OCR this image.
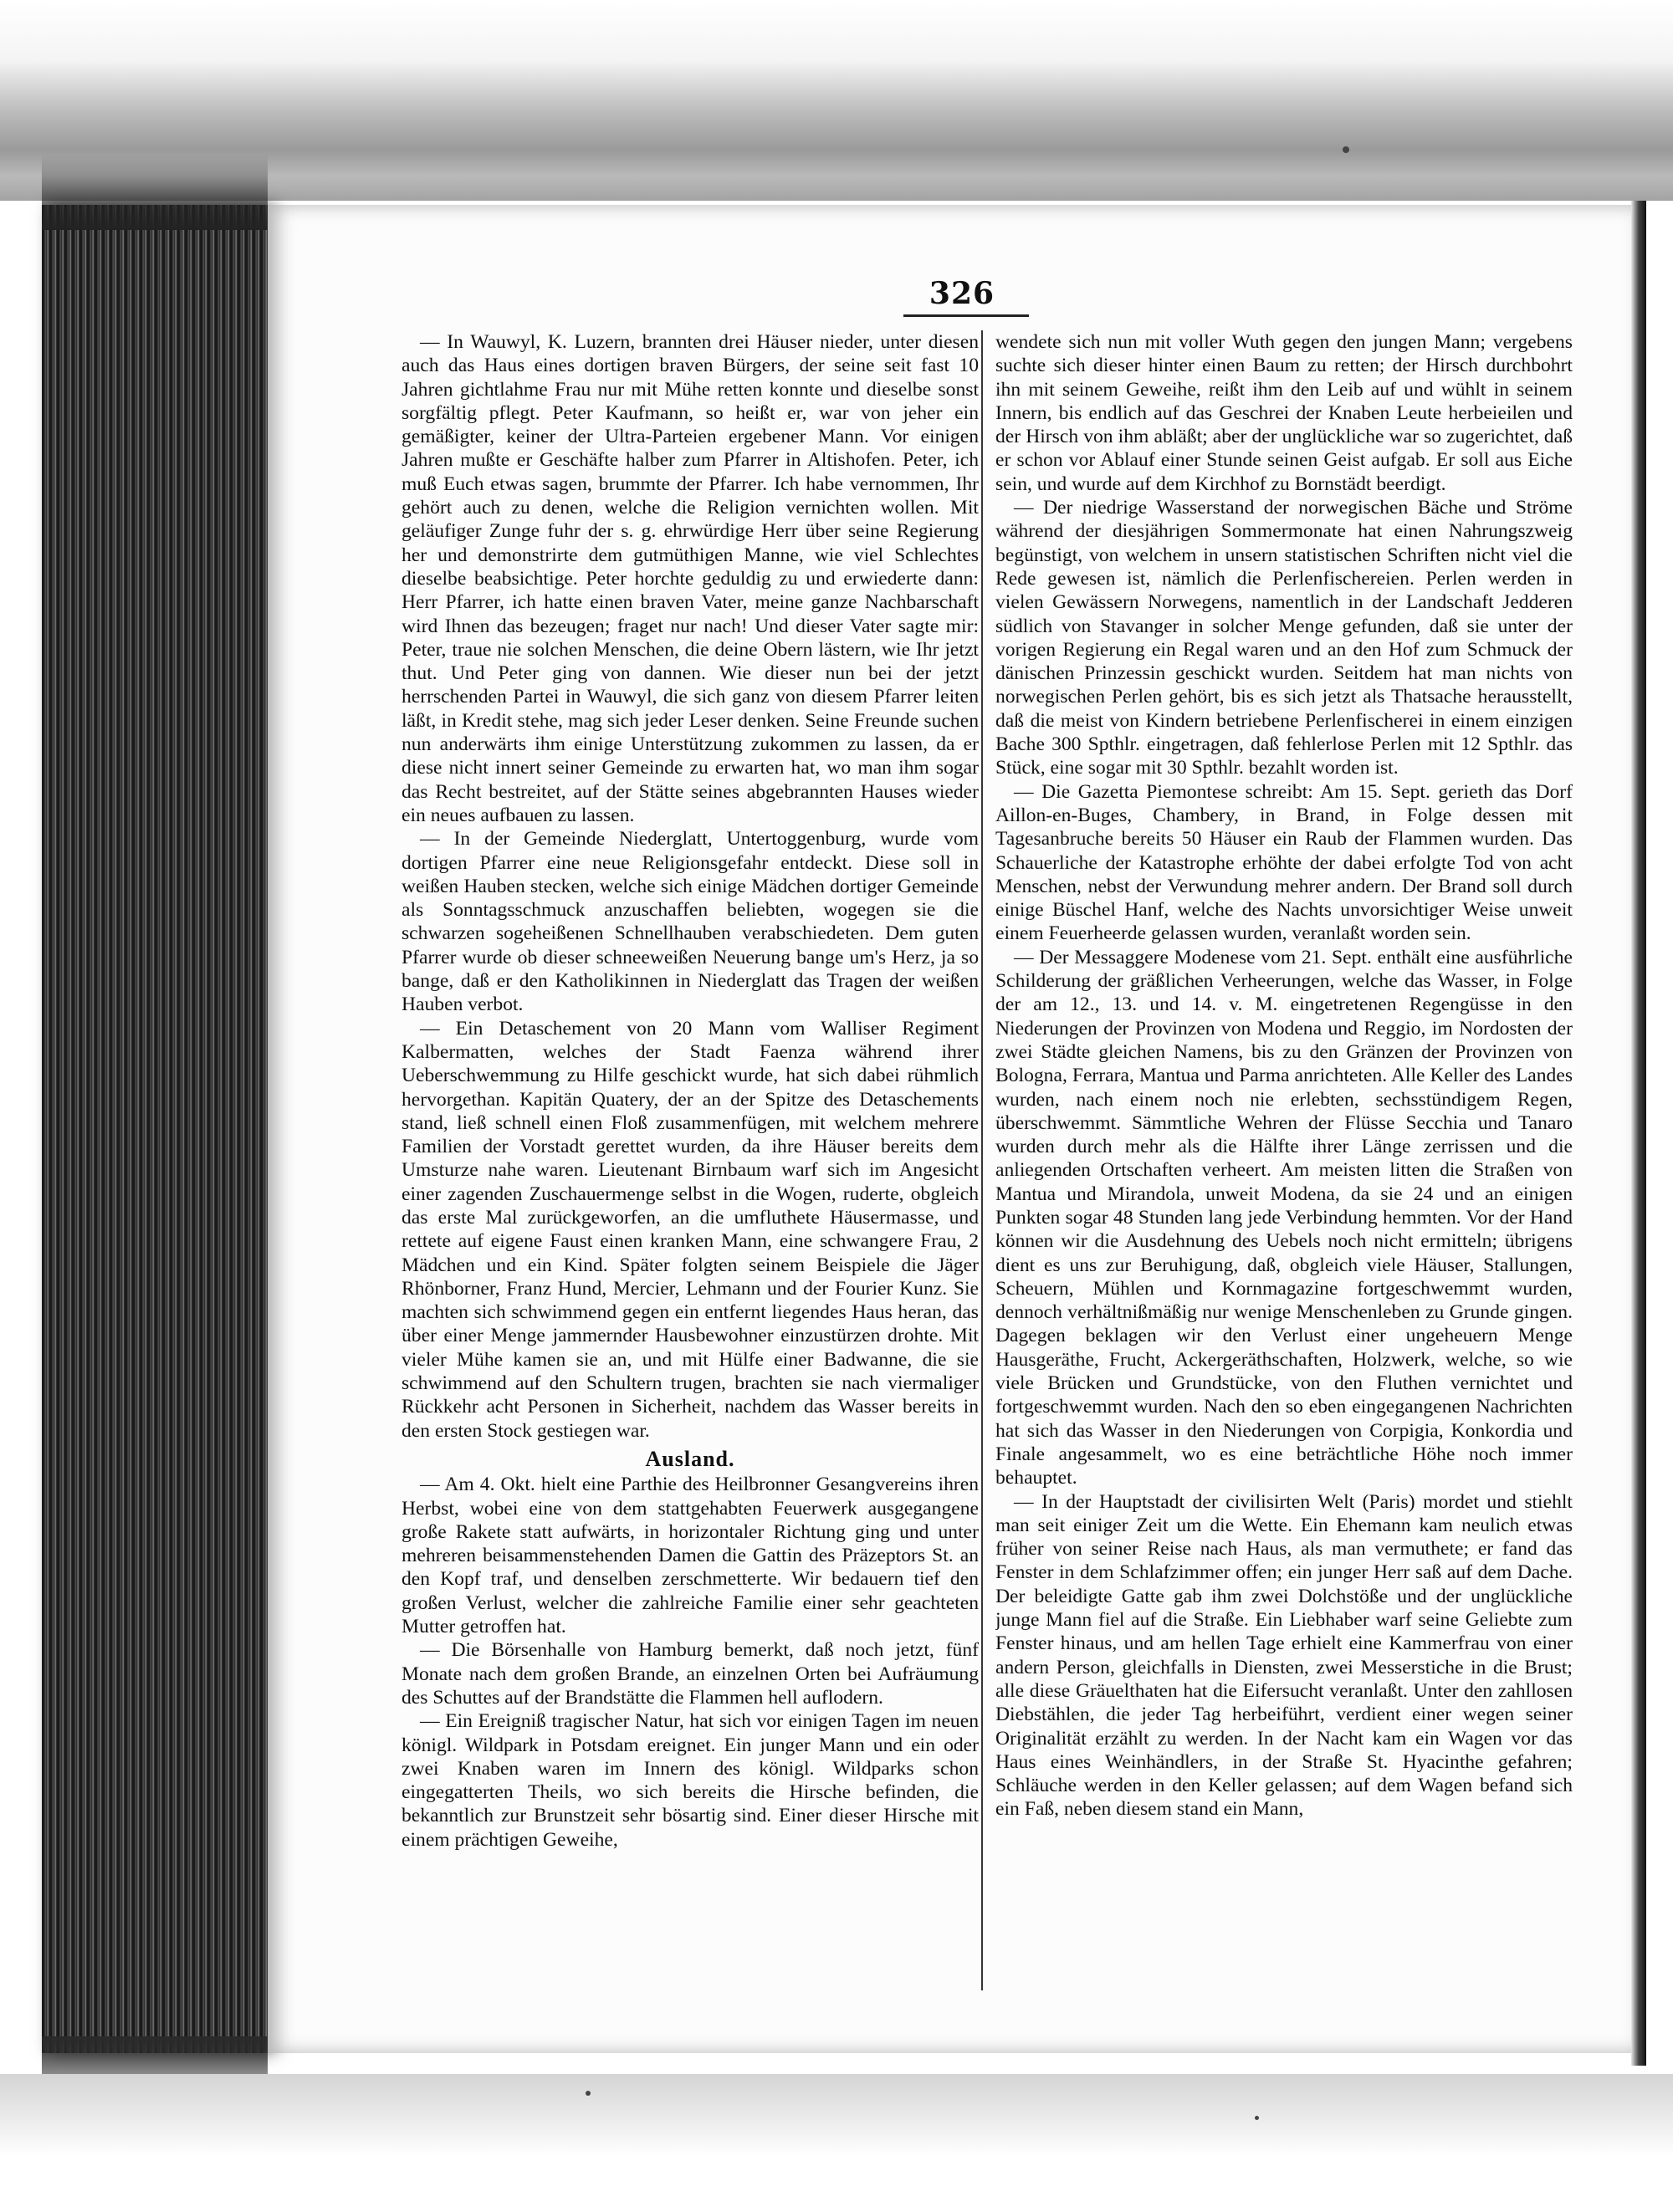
326

— In Wauwyl, K. Luzern, brannten drei Häuser nieder, unter diesen auch das Haus eines dortigen braven Bürgers, der seine seit fast 10 Jahren gichtlahme Frau nur mit Mühe retten konnte und dieselbe sonst sorgfältig pflegt. Peter Kaufmann, so heißt er, war von jeher ein gemäßigter, keiner der Ultra-Parteien ergebener Mann. Vor einigen Jahren mußte er Geschäfte halber zum Pfarrer in Altishofen. Peter, ich muß Euch etwas sagen, brummte der Pfarrer. Ich habe vernommen, Ihr gehört auch zu denen, welche die Religion vernichten wollen. Mit geläufiger Zunge fuhr der s. g. ehrwürdige Herr über seine Regierung her und demonstrirte dem gutmüthigen Manne, wie viel Schlechtes dieselbe beabsichtige. Peter horchte geduldig zu und erwiederte dann: Herr Pfarrer, ich hatte einen braven Vater, meine ganze Nachbarschaft wird Ihnen das bezeugen; fraget nur nach! Und dieser Vater sagte mir: Peter, traue nie solchen Menschen, die deine Obern lästern, wie Ihr jetzt thut. Und Peter ging von dannen. Wie dieser nun bei der jetzt herrschenden Partei in Wauwyl, die sich ganz von diesem Pfarrer leiten läßt, in Kredit stehe, mag sich jeder Leser denken. Seine Freunde suchen nun anderwärts ihm einige Unterstützung zukommen zu lassen, da er diese nicht innert seiner Gemeinde zu erwarten hat, wo man ihm sogar das Recht bestreitet, auf der Stätte seines abgebrannten Hauses wieder ein neues aufbauen zu lassen.

— In der Gemeinde Niederglatt, Untertoggenburg, wurde vom dortigen Pfarrer eine neue Religionsgefahr entdeckt. Diese soll in weißen Hauben stecken, welche sich einige Mädchen dortiger Gemeinde als Sonntagsschmuck anzuschaffen beliebten, wogegen sie die schwarzen sogeheißenen Schnellhauben verabschiedeten. Dem guten Pfarrer wurde ob dieser schneeweißen Neuerung bange um's Herz, ja so bange, daß er den Katholikinnen in Niederglatt das Tragen der weißen Hauben verbot.

— Ein Detaschement von 20 Mann vom Walliser Regiment Kalbermatten, welches der Stadt Faenza während ihrer Ueberschwemmung zu Hilfe geschickt wurde, hat sich dabei rühmlich hervorgethan. Kapitän Quatery, der an der Spitze des Detaschements stand, ließ schnell einen Floß zusammenfügen, mit welchem mehrere Familien der Vorstadt gerettet wurden, da ihre Häuser bereits dem Umsturze nahe waren. Lieutenant Birnbaum warf sich im Angesicht einer zagenden Zuschauermenge selbst in die Wogen, ruderte, obgleich das erste Mal zurückgeworfen, an die umfluthete Häusermasse, und rettete auf eigene Faust einen kranken Mann, eine schwangere Frau, 2 Mädchen und ein Kind. Später folgten seinem Beispiele die Jäger Rhönborner, Franz Hund, Mercier, Lehmann und der Fourier Kunz. Sie machten sich schwimmend gegen ein entfernt liegendes Haus heran, das über einer Menge jammernder Hausbewohner einzustürzen drohte. Mit vieler Mühe kamen sie an, und mit Hülfe einer Badwanne, die sie schwimmend auf den Schultern trugen, brachten sie nach viermaliger Rückkehr acht Personen in Sicherheit, nachdem das Wasser bereits in den ersten Stock gestiegen war.

Ausland.

— Am 4. Okt. hielt eine Parthie des Heilbronner Gesangvereins ihren Herbst, wobei eine von dem stattgehabten Feuerwerk ausgegangene große Rakete statt aufwärts, in horizontaler Richtung ging und unter mehreren beisammenstehenden Damen die Gattin des Präzeptors St. an den Kopf traf, und denselben zerschmetterte. Wir bedauern tief den großen Verlust, welcher die zahlreiche Familie einer sehr geachteten Mutter getroffen hat.

— Die Börsenhalle von Hamburg bemerkt, daß noch jetzt, fünf Monate nach dem großen Brande, an einzelnen Orten bei Aufräumung des Schuttes auf der Brandstätte die Flammen hell auflodern.

— Ein Ereigniß tragischer Natur, hat sich vor einigen Tagen im neuen königl. Wildpark in Potsdam ereignet. Ein junger Mann und ein oder zwei Knaben waren im Innern des königl. Wildparks schon eingegatterten Theils, wo sich bereits die Hirsche befinden, die bekanntlich zur Brunstzeit sehr bösartig sind. Einer dieser Hirsche mit einem prächtigen Geweihe,

wendete sich nun mit voller Wuth gegen den jungen Mann; vergebens suchte sich dieser hinter einen Baum zu retten; der Hirsch durchbohrt ihn mit seinem Geweihe, reißt ihm den Leib auf und wühlt in seinem Innern, bis endlich auf das Geschrei der Knaben Leute herbeieilen und der Hirsch von ihm abläßt; aber der unglückliche war so zugerichtet, daß er schon vor Ablauf einer Stunde seinen Geist aufgab. Er soll aus Eiche sein, und wurde auf dem Kirchhof zu Bornstädt beerdigt.

— Der niedrige Wasserstand der norwegischen Bäche und Ströme während der diesjährigen Sommermonate hat einen Nahrungszweig begünstigt, von welchem in unsern statistischen Schriften nicht viel die Rede gewesen ist, nämlich die Perlenfischereien. Perlen werden in vielen Gewässern Norwegens, namentlich in der Landschaft Jedderen südlich von Stavanger in solcher Menge gefunden, daß sie unter der vorigen Regierung ein Regal waren und an den Hof zum Schmuck der dänischen Prinzessin geschickt wurden. Seitdem hat man nichts von norwegischen Perlen gehört, bis es sich jetzt als Thatsache herausstellt, daß die meist von Kindern betriebene Perlenfischerei in einem einzigen Bache 300 Spthlr. eingetragen, daß fehlerlose Perlen mit 12 Spthlr. das Stück, eine sogar mit 30 Spthlr. bezahlt worden ist.

— Die Gazetta Piemontese schreibt: Am 15. Sept. gerieth das Dorf Aillon-en-Buges, Chambery, in Brand, in Folge dessen mit Tagesanbruche bereits 50 Häuser ein Raub der Flammen wurden. Das Schauerliche der Katastrophe erhöhte der dabei erfolgte Tod von acht Menschen, nebst der Verwundung mehrer andern. Der Brand soll durch einige Büschel Hanf, welche des Nachts unvorsichtiger Weise unweit einem Feuerheerde gelassen wurden, veranlaßt worden sein.

— Der Messaggere Modenese vom 21. Sept. enthält eine ausführliche Schilderung der gräßlichen Verheerungen, welche das Wasser, in Folge der am 12., 13. und 14. v. M. eingetretenen Regengüsse in den Niederungen der Provinzen von Modena und Reggio, im Nordosten der zwei Städte gleichen Namens, bis zu den Gränzen der Provinzen von Bologna, Ferrara, Mantua und Parma anrichteten. Alle Keller des Landes wurden, nach einem noch nie erlebten, sechsstündigem Regen, überschwemmt. Sämmtliche Wehren der Flüsse Secchia und Tanaro wurden durch mehr als die Hälfte ihrer Länge zerrissen und die anliegenden Ortschaften verheert. Am meisten litten die Straßen von Mantua und Mirandola, unweit Modena, da sie 24 und an einigen Punkten sogar 48 Stunden lang jede Verbindung hemmten. Vor der Hand können wir die Ausdehnung des Uebels noch nicht ermitteln; übrigens dient es uns zur Beruhigung, daß, obgleich viele Häuser, Stallungen, Scheuern, Mühlen und Kornmagazine fortgeschwemmt wurden, dennoch verhältnißmäßig nur wenige Menschenleben zu Grunde gingen. Dagegen beklagen wir den Verlust einer ungeheuern Menge Hausgeräthe, Frucht, Ackergeräthschaften, Holzwerk, welche, so wie viele Brücken und Grundstücke, von den Fluthen vernichtet und fortgeschwemmt wurden. Nach den so eben eingegangenen Nachrichten hat sich das Wasser in den Niederungen von Corpigia, Konkordia und Finale angesammelt, wo es eine beträchtliche Höhe noch immer behauptet.

— In der Hauptstadt der civilisirten Welt (Paris) mordet und stiehlt man seit einiger Zeit um die Wette. Ein Ehemann kam neulich etwas früher von seiner Reise nach Haus, als man vermuthete; er fand das Fenster in dem Schlafzimmer offen; ein junger Herr saß auf dem Dache. Der beleidigte Gatte gab ihm zwei Dolchstöße und der unglückliche junge Mann fiel auf die Straße. Ein Liebhaber warf seine Geliebte zum Fenster hinaus, und am hellen Tage erhielt eine Kammerfrau von einer andern Person, gleichfalls in Diensten, zwei Messerstiche in die Brust; alle diese Gräuelthaten hat die Eifersucht veranlaßt. Unter den zahllosen Diebstählen, die jeder Tag herbeiführt, verdient einer wegen seiner Originalität erzählt zu werden. In der Nacht kam ein Wagen vor das Haus eines Weinhändlers, in der Straße St. Hyacinthe gefahren; Schläuche werden in den Keller gelassen; auf dem Wagen befand sich ein Faß, neben diesem stand ein Mann,
